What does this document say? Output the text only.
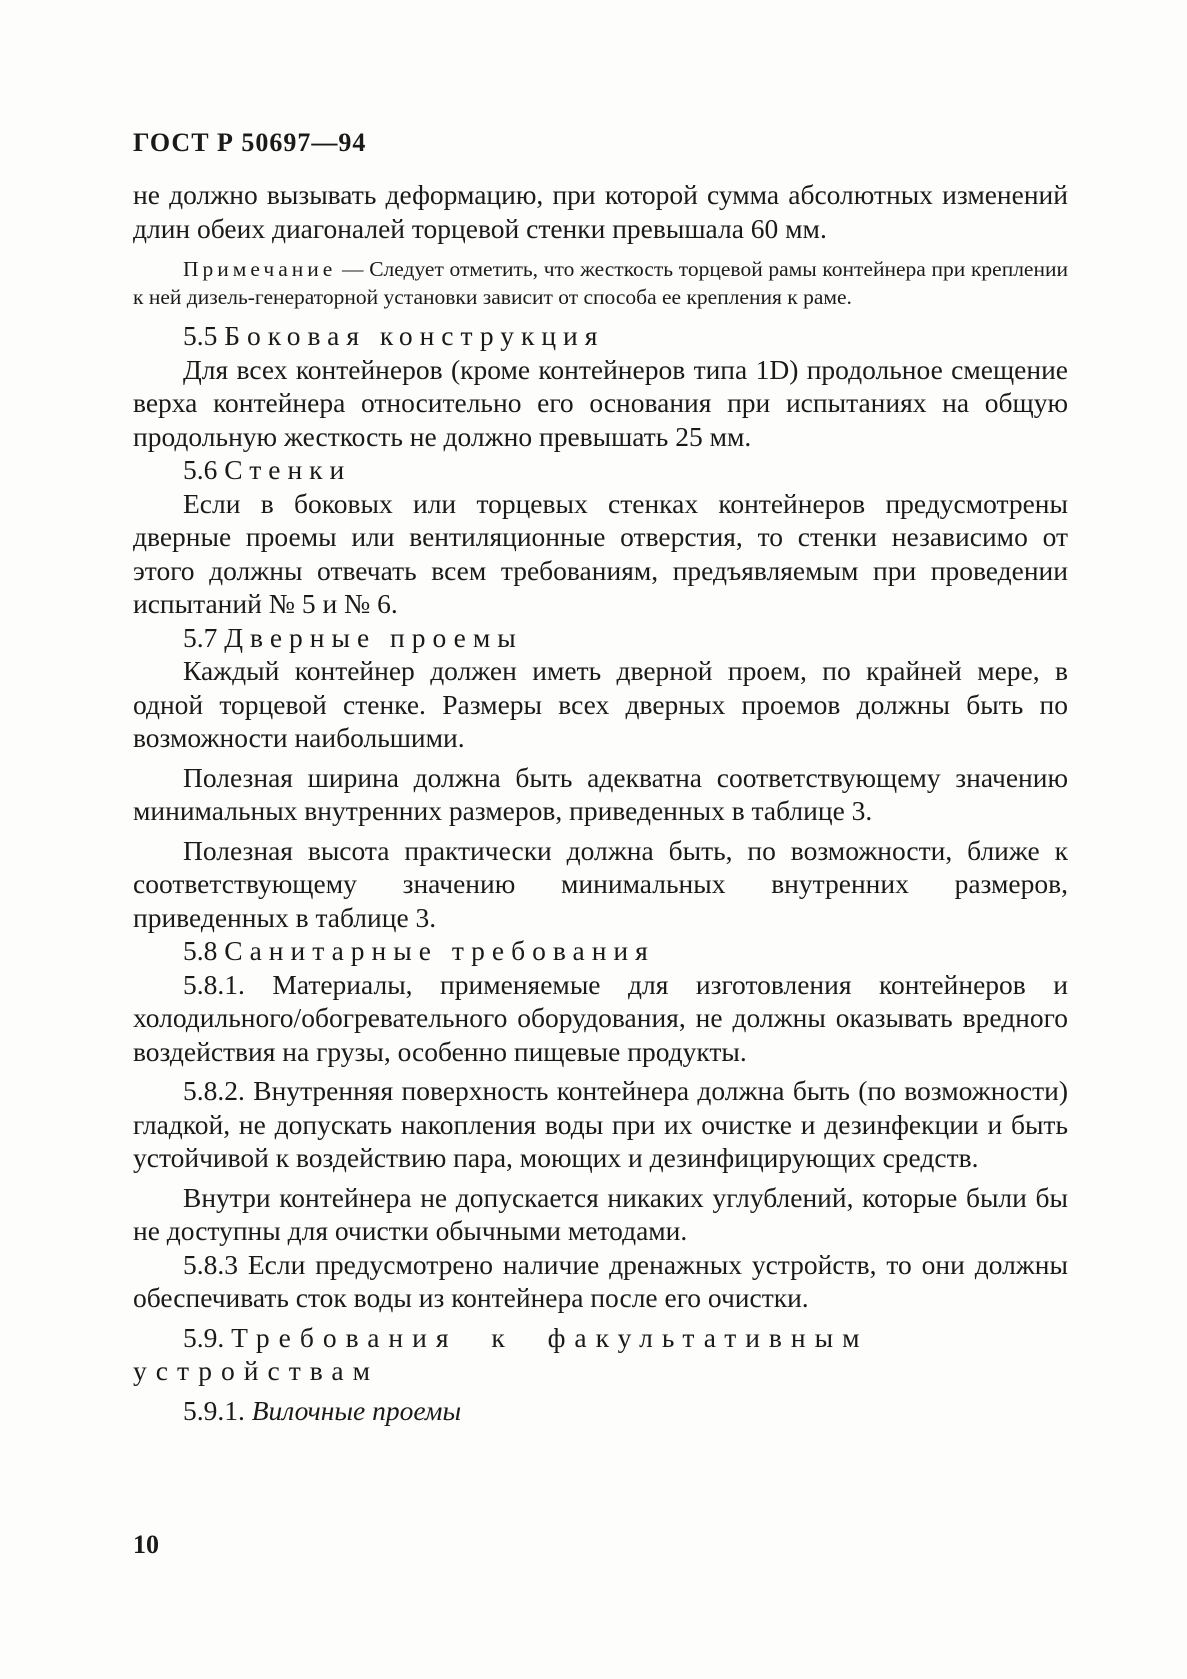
ГОСТ Р 50697—94

не должно вызывать деформацию, при которой сумма абсолютных изменений длин обеих диагоналей торцевой стенки превышала 60 мм.

Примечание — Следует отметить, что жесткость торцевой рамы контейнера при креплении к ней дизель-генераторной установки зависит от способа ее крепления к раме.

5.5 Боковая конструкция

Для всех контейнеров (кроме контейнеров типа 1D) продольное смещение верха контейнера относительно его основания при испытаниях на общую продольную жесткость не должно превышать 25 мм.

5.6 Стенки

Если в боковых или торцевых стенках контейнеров предусмотрены дверные проемы или вентиляционные отверстия, то стенки независимо от этого должны отвечать всем требованиям, предъявляемым при проведении испытаний № 5 и № 6.

5.7 Дверные проемы

Каждый контейнер должен иметь дверной проем, по крайней мере, в одной торцевой стенке. Размеры всех дверных проемов должны быть по возможности наибольшими.

Полезная ширина должна быть адекватна соответствующему значению минимальных внутренних размеров, приведенных в таблице 3.

Полезная высота практически должна быть, по возможности, ближе к соответствующему значению минимальных внутренних размеров, приведенных в таблице 3.

5.8 Санитарные требования

5.8.1. Материалы, применяемые для изготовления контейнеров и холодильного/обогревательного оборудования, не должны оказывать вредного воздействия на грузы, особенно пищевые продукты.

5.8.2. Внутренняя поверхность контейнера должна быть (по возможности) гладкой, не допускать накопления воды при их очистке и дезинфекции и быть устойчивой к воздействию пара, моющих и дезинфицирующих средств.

Внутри контейнера не допускается никаких углублений, которые были бы не доступны для очистки обычными методами.

5.8.3 Если предусмотрено наличие дренажных устройств, то они должны обеспечивать сток воды из контейнера после его очистки.

5.9. Требования к факультативным устройствам

5.9.1. Вилочные проемы

10
